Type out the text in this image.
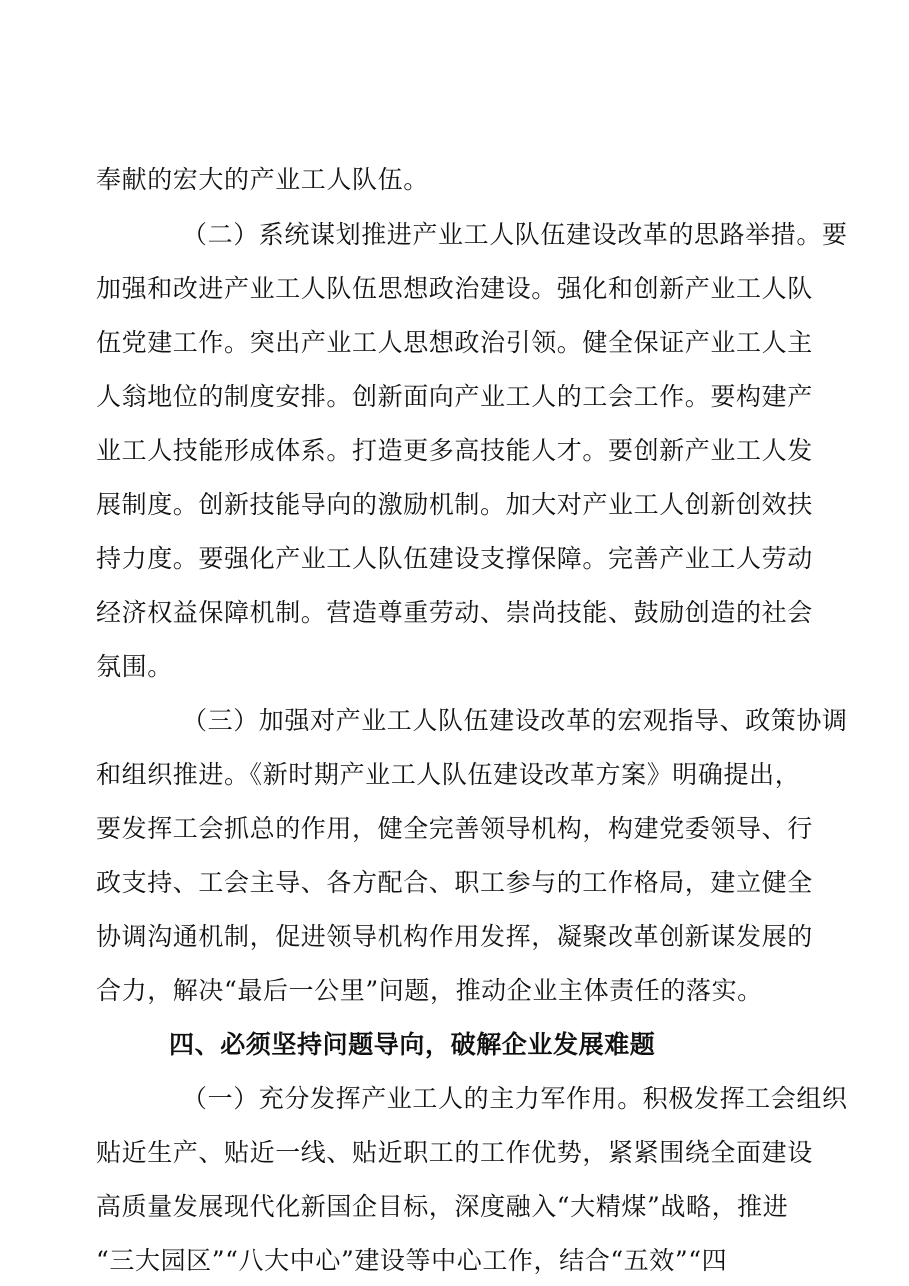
奉献的宏大的产业工人队伍。
（二）系统谋划推进产业工人队伍建设改革的思路举措。要
加强和改进产业工人队伍思想政治建设。强化和创新产业工人队
伍党建工作。突出产业工人思想政治引领。健全保证产业工人主
人翁地位的制度安排。创新面向产业工人的工会工作。要构建产
业工人技能形成体系。打造更多高技能人才。要创新产业工人发
展制度。创新技能导向的激励机制。加大对产业工人创新创效扶
持力度。要强化产业工人队伍建设支撑保障。完善产业工人劳动
经济权益保障机制。营造尊重劳动、崇尚技能、鼓励创造的社会
氛围。
（三）加强对产业工人队伍建设改革的宏观指导、政策协调
和组织推进。《新时期产业工人队伍建设改革方案》明确提出，
要发挥工会抓总的作用，健全完善领导机构，构建党委领导、行
政支持、工会主导、各方配合、职工参与的工作格局，建立健全
协调沟通机制，促进领导机构作用发挥，凝聚改革创新谋发展的
合力，解决“最后一公里”问题，推动企业主体责任的落实。
四、必须坚持问题导向，破解企业发展难题
（一）充分发挥产业工人的主力军作用。积极发挥工会组织
贴近生产、贴近一线、贴近职工的工作优势，紧紧围绕全面建设
高质量发展现代化新国企目标，深度融入“大精煤”战略，推进
“三大园区”“八大中心”建设等中心工作，结合“五效”“四
